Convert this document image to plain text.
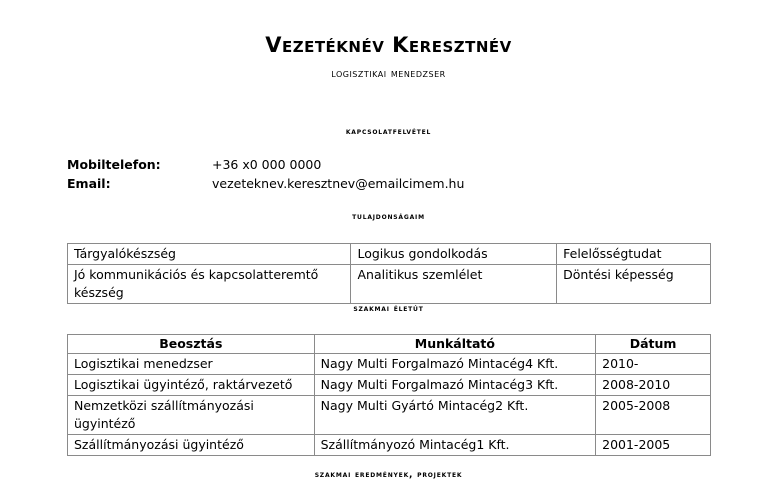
Vezetéknév Keresztnév
logisztikai menedzser
kapcsolatfelvétel
Mobiltelefon:	+36 x0 000 0000
Email:	vezeteknev.keresztnev@emailcimem.hu
tulajdonságaim
Tárgyalókészség	Logikus gondolkodás	Felelősségtudat
Jó kommunikációs és kapcsolatteremtő készség	Analitikus szemlélet	Döntési képesség
szakmai életút
Beosztás	Munkáltató	Dátum
Logisztikai menedzser	Nagy Multi Forgalmazó Mintacég4 Kft.	2010-
Logisztikai ügyintéző, raktárvezető	Nagy Multi Forgalmazó Mintacég3 Kft.	2008-2010
Nemzetközi szállítmányozási ügyintéző	Nagy Multi Gyártó Mintacég2 Kft.	2005-2008
Szállítmányozási ügyintéző	Szállítmányozó Mintacég1 Kft.	2001-2005
szakmai eredmények, projektek
